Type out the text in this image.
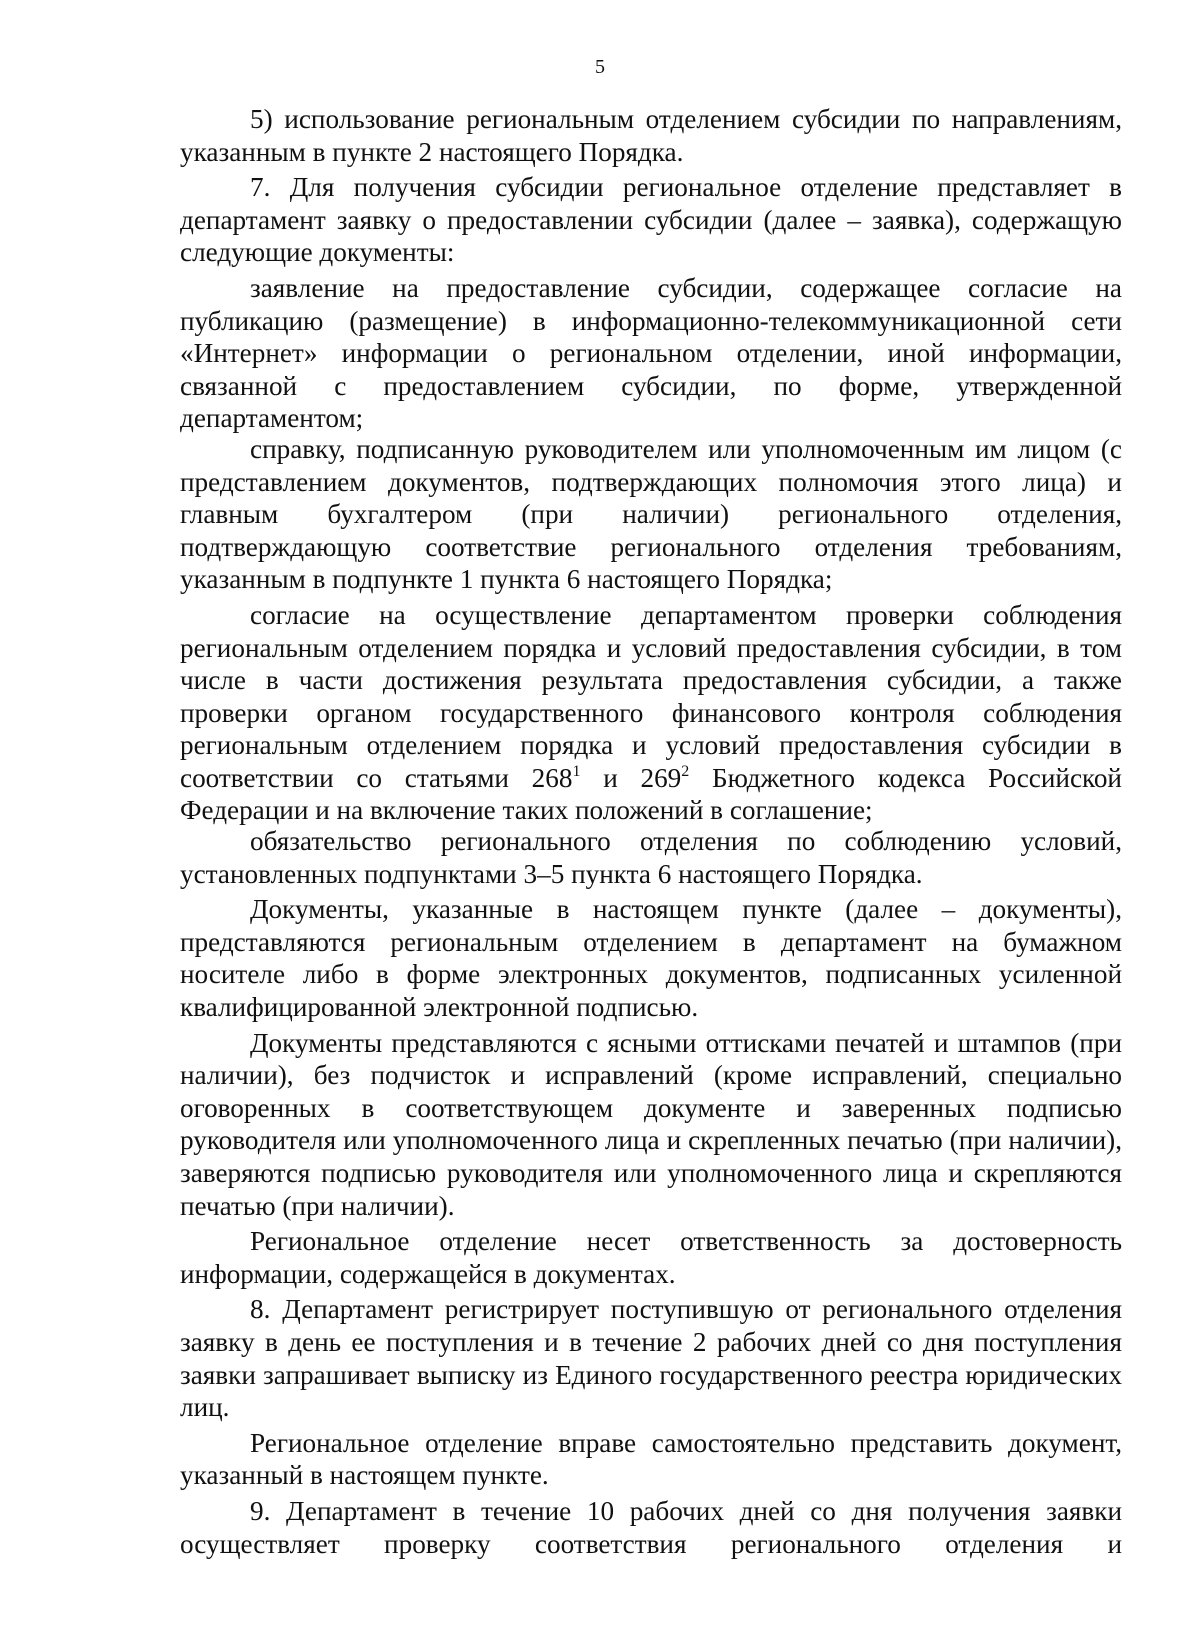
5

5) использование региональным отделением субсидии по направлениям, указанным в пункте 2 настоящего Порядка.

7. Для получения субсидии региональное отделение представляет в департамент заявку о предоставлении субсидии (далее – заявка), содержащую следующие документы:

заявление на предоставление субсидии, содержащее согласие на публикацию (размещение) в информационно-телекоммуникационной сети «Интернет» информации о региональном отделении, иной информации, связанной с предоставлением субсидии, по форме, утвержденной департаментом;

справку, подписанную руководителем или уполномоченным им лицом (с представлением документов, подтверждающих полномочия этого лица) и главным бухгалтером (при наличии) регионального отделения, подтверждающую соответствие регионального отделения требованиям, указанным в подпункте 1 пункта 6 настоящего Порядка;

согласие на осуществление департаментом проверки соблюдения региональным отделением порядка и условий предоставления субсидии, в том числе в части достижения результата предоставления субсидии, а также проверки органом государственного финансового контроля соблюдения региональным отделением порядка и условий предоставления субсидии в соответствии со статьями $268^1$ и $269^2$ Бюджетного кодекса Российской Федерации и на включение таких положений в соглашение;

обязательство регионального отделения по соблюдению условий, установленных подпунктами 3–5 пункта 6 настоящего Порядка.

Документы, указанные в настоящем пункте (далее – документы), представляются региональным отделением в департамент на бумажном носителе либо в форме электронных документов, подписанных усиленной квалифицированной электронной подписью.

Документы представляются с ясными оттисками печатей и штампов (при наличии), без подчисток и исправлений (кроме исправлений, специально оговоренных в соответствующем документе и заверенных подписью руководителя или уполномоченного лица и скрепленных печатью (при наличии), заверяются подписью руководителя или уполномоченного лица и скрепляются печатью (при наличии).

Региональное отделение несет ответственность за достоверность информации, содержащейся в документах.

8. Департамент регистрирует поступившую от регионального отделения заявку в день ее поступления и в течение 2 рабочих дней со дня поступления заявки запрашивает выписку из Единого государственного реестра юридических лиц.

Региональное отделение вправе самостоятельно представить документ, указанный в настоящем пункте.

9. Департамент в течение 10 рабочих дней со дня получения заявки осуществляет проверку соответствия регионального отделения и
